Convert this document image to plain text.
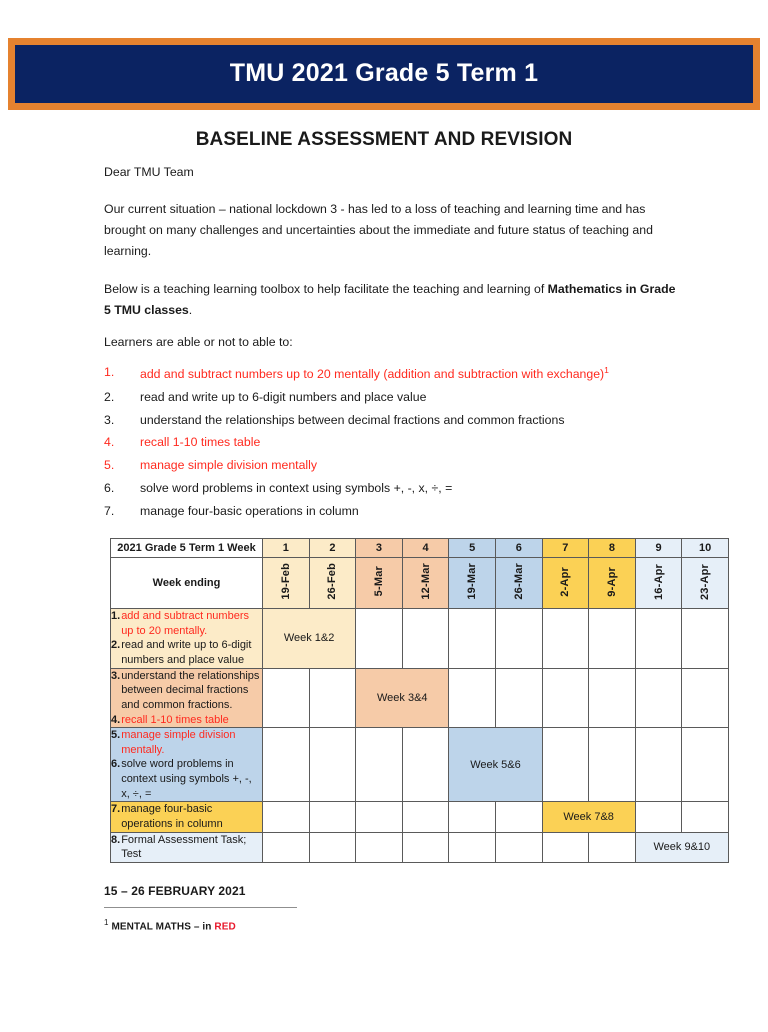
TMU 2021 Grade 5 Term 1
BASELINE ASSESSMENT AND REVISION
Dear TMU Team
Our current situation – national lockdown 3 - has led to a loss of teaching and learning time and has brought on many challenges and uncertainties about the immediate and future status of teaching and learning.
Below is a teaching learning toolbox to help facilitate the teaching and learning of Mathematics in Grade 5 TMU classes.
Learners are able or not to able to:
1.	add and subtract numbers up to 20 mentally (addition and subtraction with exchange)$^1$
2.	read and write up to 6-digit numbers and place value
3.	understand the relationships between decimal fractions and common fractions
4.	recall 1-10 times table
5.	manage simple division mentally
6.	solve word problems in context using symbols +, -, x, ÷, =
7.	manage four-basic operations in column
2021 Grade 5 Term 1 Week	1	2	3	4	5	6	7	8	9	10
Week ending	19-Feb	26-Feb	5-Mar	12-Mar	19-Mar	26-Mar	2-Apr	9-Apr	16-Apr	23-Apr

1. add and subtract numbers up to 20 mentally.
2. read and write up to 6-digit numbers and place value	Week 1&2									

3. understand the relationships between decimal fractions and common fractions.
4. recall 1-10 times table			Week 3&4							

5. manage simple division mentally.
6. solve word problems in context using symbols +, -, x, ÷, =					Week 5&6					

7. manage four-basic operations in column							Week 7&8			

8. Formal Assessment Task; Test									Week 9&10	
15 – 26 FEBRUARY 2021
$^1$ MENTAL MATHS – in RED
